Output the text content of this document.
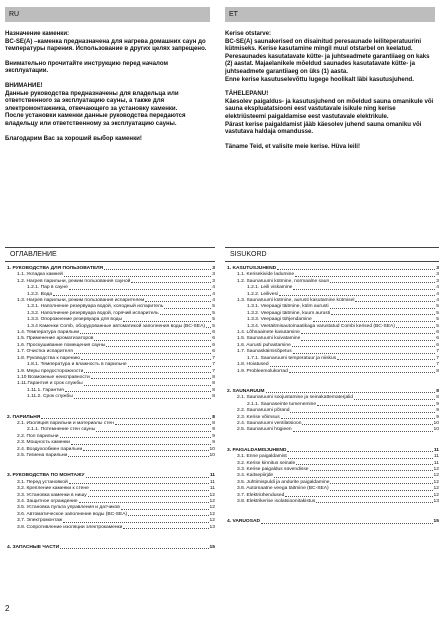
RU	ET

Назначение каменки:

BC-SE(A) –каменка предназначена для нагрева домашних саун до температуры парения. Использование в других целях запрещено.

Внимательно прочитайте инструкцию перед началом эксплуатации.

ВНИМАНИЕ!

Данные руководства предназначены для владельца или ответственного за эксплуатацию сауны, а также для электромонтажника, отвечающего за установку каменки.

После установки каменки данные руководства передаются владельцу или ответственному за эксплуатацию сауны.

Благодарим Вас за хороший выбор каменки!

Kerise otstarve:

BC-SE(A) saunakerised on disainitud peresaunade leiliteperatuurini kütmiseks. Kerise kasutamine mingil muul otstarbel on keelatud.

Peresaunades kasutatavate kütte- ja juhtseadmete garantiiaeg on kaks (2) aastat. Majaelanikele mõeldud saunades kasutatavate kütte- ja juhtseadmete garantiiaeg on üks (1) aasta.

Enne kerise kasutuselevõttu lugege hoolikalt läbi kasutusjuhend.

TÄHELEPANU!

Käesolev paigaldus- ja kasutusjuhend on mõeldud sauna omanikule või sauna ekspluatatsiooni eest vastutavale isikule ning kerise elektriüsteemi paigaldamise eest vastutavale elektrikule.

Pärast kerise paigaldamist jääb käesolev juhend sauna omaniku või vastutava haldaja omandusse.

Täname Teid, et valisite meie kerise. Hüva leili!

ОГЛАВЛЕНИЕ
1. РУКОВОДСТВА ДЛЯ ПОЛЬЗОВАТЕЛЯ	3
1.1. Укладка камней	3
1.2. Нагрев парильни, режим пользования сауной	3
1.2.1. Пар в сауне	4
1.2.2. Вода	4
1.3. Нагрев парильни, режим пользования испарителем	4
1.3.1. Наполнение резервуара водой, холодный испаритель	5
1.3.2. Наполнение резервуара водой, горячий испаритель	5
1.3.3. Опорожнение резервуара для воды	5
1.3.4 Каменки Comb, оборудованные автоматикой заполнения воды (BC-SEA) 5
1.4. Температура парильни	6
1.5. Применение ароматизаторов	6
1.6. Проскушивание помещения сауны	6
1.7. Очистка испарителя	6
1.8. Руководства к парению	7
1.8.1. Температура и влажность в парильне	7
1.9. Меры предосторожности	7
1.10 Возможные неисправности	8
1.11.Гарантия и срок службы	8
1.11.1. Гарантия	8
1.11.2. Срок службы	8
2. ПАРИЛЬНЯ	8
2.1. Изоляция парильни и материалы стен	8
2.1.1. Потемнение стен сауны	9
2.2. Пол парильни	9
2.3. Мощность каменки	9
2.4. Воздухообмен парильни	10
2.5. Гигиена парильни	10
3. РУКОВОДСТВА ПО МОНТАЖУ	11
3.1. Перед установкой	11
3.2. Крепление каменки к стене	11
3.3. Установка каменки в нишу	12
3.4. Защитное ограждение	12
3.5. Установка пульта управления и датчиков	12
3.6. Автоматическое заполнение воды (BC-SEA)	12
3.7. Электромонтаж	12
3.8. Сопротивление изоляции электрокаменки	13
4. ЗАПАСНЫЕ ЧАСТИ	15
SISUKORD
1. KASUTUSJUHEND	3
1.1. Kerisekivide ladumine	3
1.2. Saunaruumi kütmine, normaalne saun	3
1.2.1. Leili viskamine	4
1.2.2. Leilivesi	4
1.3. Saunaruumi kütmine, aurusti kasutamine kütmisel	4
1.3.1. Veepaagi täitmine, külm aurusti	5
1.3.2. Veepaagi täitmine, kuum aurusti	5
1.3.3. Veepaagi tühjendamine	5
1.3.4. Veetäitmisautomaatikaga varustatud Combi kerised (BC-SEA)	5
1.4. Lõhnaainete kasutamine	6
1.5. Saunaruumi kuivatamine	6
1.6. Aurusti puhastamine	6
1.7. Saunaskäimisõpetus	7
1.7.1. Saunaruumi temperatuur ja niiskus	7
1.8. Hoiatused	7
1.9. Probleemolukorrad	8
2. SAUNARUUM	8
2.1. Saunaruumi soojustamine ja seinakattematerjalid	8
2.1.1. Saunaseinte tumenemine	9
2.2. Saunaruumi põrand	9
2.3. Kerise võimsus	9
2.4. Saunaruumi ventilatsioon	10
2.5. Saunaruumi hügieen	10
3. PAIGALDAMISJUHEND	11
3.1. Enne paigaldamist	11
3.2. Kerise kinnitus seinale	11
3.3. Kerise paigaldus süvendisse	12
3.4. Kaitsepiirjde	12
3.5. Juhtimispuldi ja andurite paigaldamine	12
3.6. Automaatne veega täitmine (BC-SEA)	12
3.7. Elektriühendused	12
3.8. Elektrikerise isolatsioonitakistus	13
4. VARUOSAD	15
2
